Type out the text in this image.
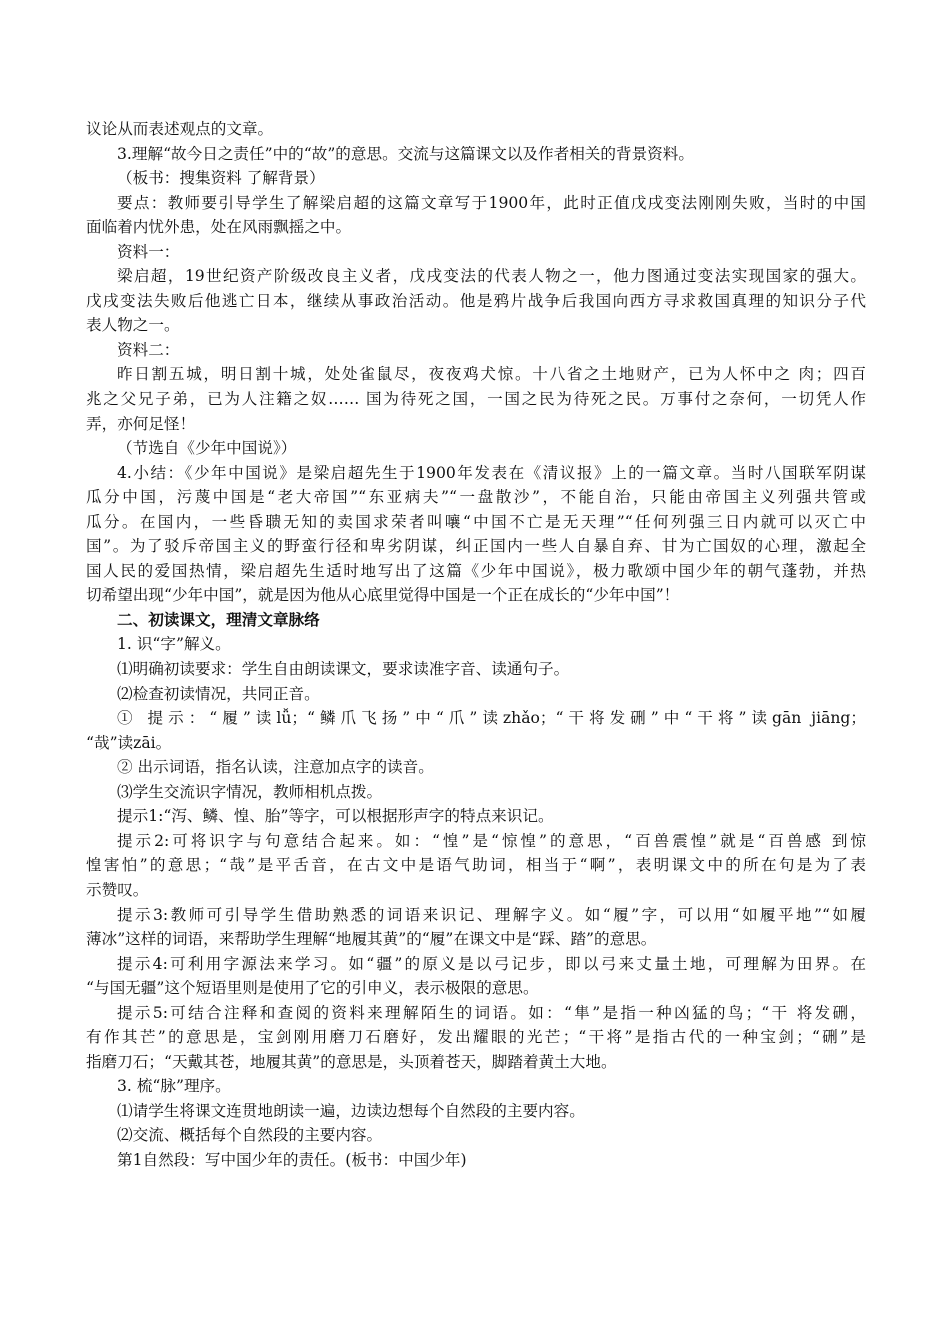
议论从而表述观点的文章。
3.理解“故今日之责任”中的“故”的意思。交流与这篇课文以及作者相关的背景资料。
（板书：搜集资料 了解背景）
要点：教师要引导学生了解梁启超的这篇文章写于1900年，此时正值戊戌变法刚刚失败，当时的中国
面临着内忧外患，处在风雨飘摇之中。
资料一：
梁启超，19世纪资产阶级改良主义者，戊戌变法的代表人物之一，他力图通过变法实现国家的强大。
戊戌变法失败后他逃亡日本，继续从事政治活动。他是鸦片战争后我国向西方寻求救国真理的知识分子代
表人物之一。
资料二：
昨日割五城，明日割十城，处处雀鼠尽，夜夜鸡犬惊。十八省之土地财产，已为人怀中之 肉；四百
兆之父兄子弟，已为人注籍之奴…… 国为待死之国，一国之民为待死之民。万事付之奈何，一切凭人作
弄，亦何足怪！
（节选自《少年中国说》）
4.小结：《少年中国说》是梁启超先生于1900年发表在《清议报》上的一篇文章。当时八国联军阴谋
瓜分中国，污蔑中国是“老大帝国”“东亚病夫”“一盘散沙”，不能自治，只能由帝国主义列强共管或
瓜分。在国内，一些昏聩无知的卖国求荣者叫嚷“中国不亡是无天理”“任何列强三日内就可以灭亡中
国”。为了驳斥帝国主义的野蛮行径和卑劣阴谋，纠正国内一些人自暴自弃、甘为亡国奴的心理，激起全
国人民的爱国热情，梁启超先生适时地写出了这篇《少年中国说》，极力歌颂中国少年的朝气蓬勃，并热
切希望出现“少年中国”，就是因为他从心底里觉得中国是一个正在成长的“少年中国”！
二、初读课文，理清文章脉络
1. 识“字”解义。
⑴明确初读要求：学生自由朗读课文，要求读准字音、读通句子。
⑵检查初读情况，共同正音。
① 提示：“履”读lǚ；“鳞爪飞扬”中“爪”读zhǎo；“干将发硎”中“干将”读gān jiāng；
“哉”读zāi。
② 出示词语，指名认读，注意加点字的读音。
⑶学生交流识字情况，教师相机点拨。
提示1:“泻、鳞、惶、胎”等字，可以根据形声字的特点来识记。
提示2:可将识字与句意结合起来。如：“惶”是“惊惶”的意思，“百兽震惶”就是“百兽感 到惊
惶害怕”的意思；“哉”是平舌音，在古文中是语气助词，相当于“啊”，表明课文中的所在句是为了表
示赞叹。
提示3:教师可引导学生借助熟悉的词语来识记、理解字义。如“履”字，可以用“如履平地”“如履
薄冰”这样的词语，来帮助学生理解“地履其黄”的“履”在课文中是“踩、踏”的意思。
提示4:可利用字源法来学习。如“疆”的原义是以弓记步，即以弓来丈量土地，可理解为田界。在
“与国无疆”这个短语里则是使用了它的引申义，表示极限的意思。
提示5:可结合注释和查阅的资料来理解陌生的词语。如：“隼”是指一种凶猛的鸟；“干 将发硎，
有作其芒”的意思是，宝剑刚用磨刀石磨好，发出耀眼的光芒；“干将”是指古代的一种宝剑；“硎”是
指磨刀石；“天戴其苍，地履其黄”的意思是，头顶着苍天，脚踏着黄土大地。
3. 梳“脉”理序。
⑴请学生将课文连贯地朗读一遍，边读边想每个自然段的主要内容。
⑵交流、概括每个自然段的主要内容。
第1自然段：写中国少年的责任。(板书：中国少年)
